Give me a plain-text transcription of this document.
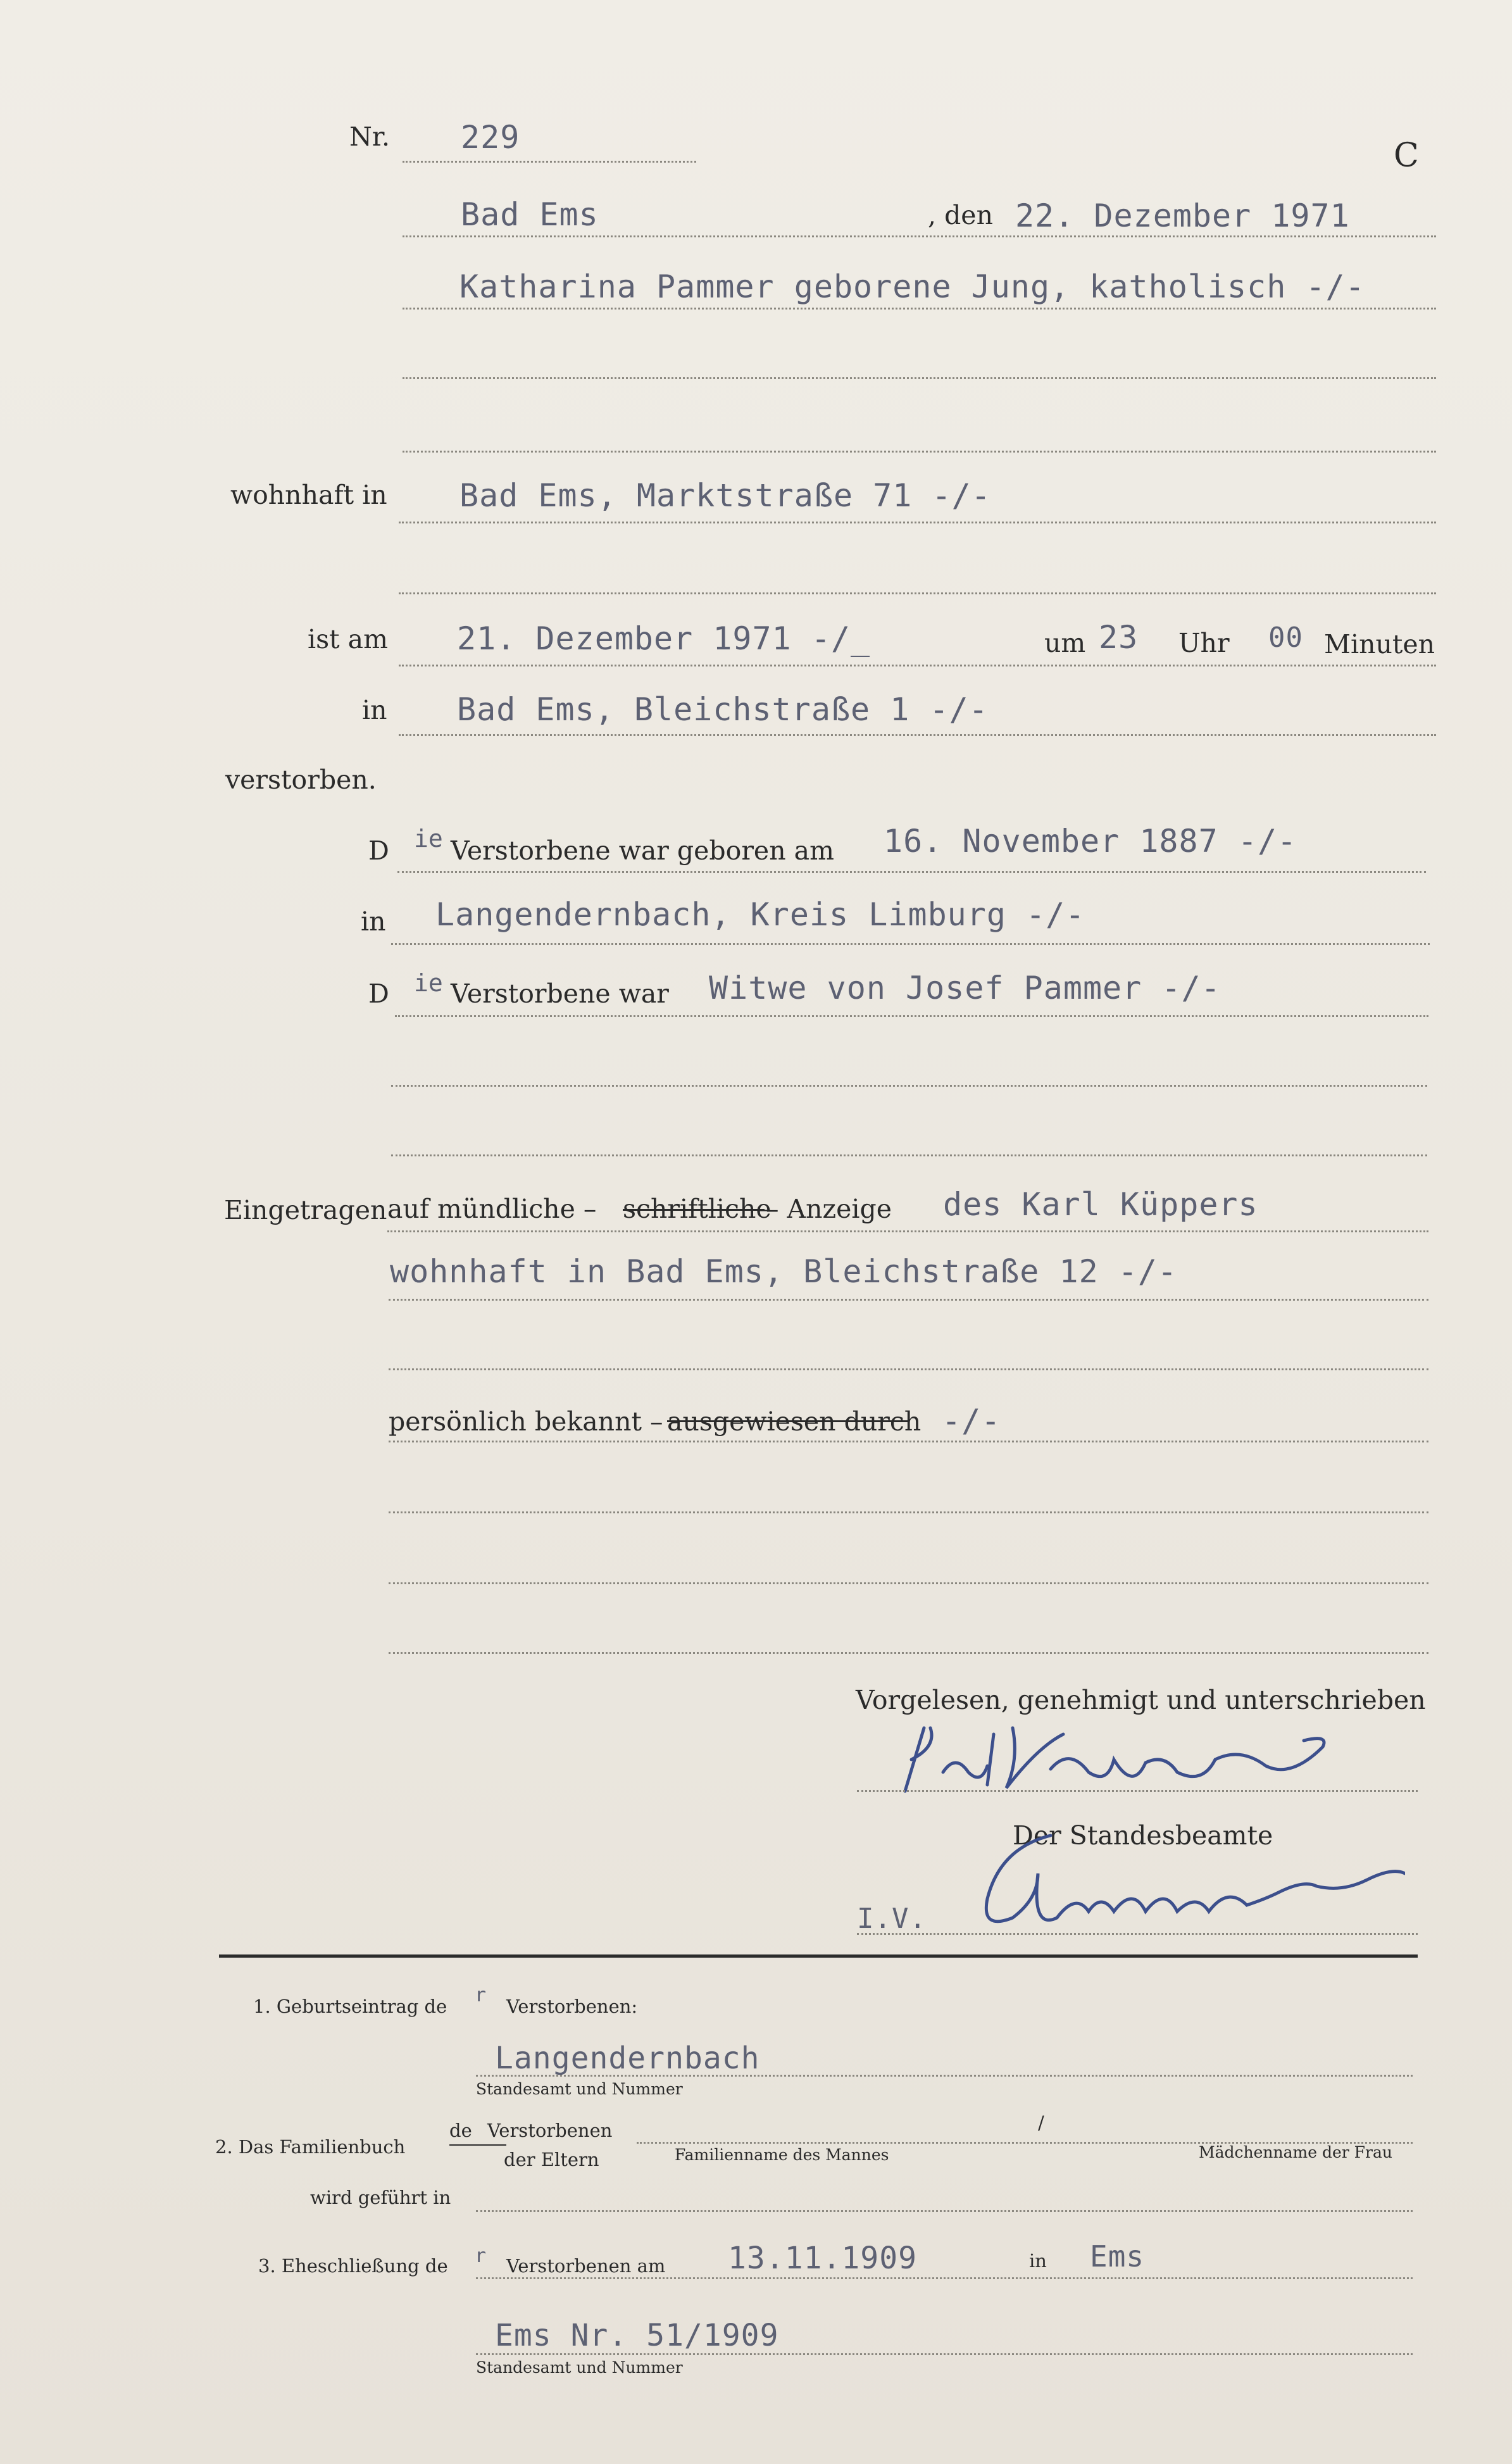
Nr. 229	C
Bad Ems	, den 22. Dezember 1971
Katharina Pammer geborene Jung, katholisch -/-
wohnhaft in Bad Ems, Marktstraße 71 -/-
ist am 21. Dezember 1971 -/_	um 23 Uhr 00 Minuten
in Bad Ems, Bleichstraße 1 -/-
verstorben.
D ie Verstorbene war geboren am 16. November 1887 -/-
in Langendernbach, Kreis Limburg -/-
D ie Verstorbene war Witwe von Josef Pammer -/-
Eingetragen auf mündliche – schriftliche
– Anzeige des Karl Küppers
wohnhaft in Bad Ems, Bleichstraße 12 -/-
persönlich bekannt – ausgewiesen durch -/-
Vorgelesen, genehmigt und unterschrieben
Der Standesbeamte
I.V.
1. Geburtseintrag de r Verstorbenen:
Langendernbach
Standesamt und Nummer
2. Das Familienbuch
de Verstorbenen	/
der Eltern	Familienname des Mannes	Mädchenname der Frau
wird geführt in
3. Eheschließung de r Verstorbenen am 13.11.1909	in Ems
Ems Nr. 51/1909
Standesamt und Nummer
